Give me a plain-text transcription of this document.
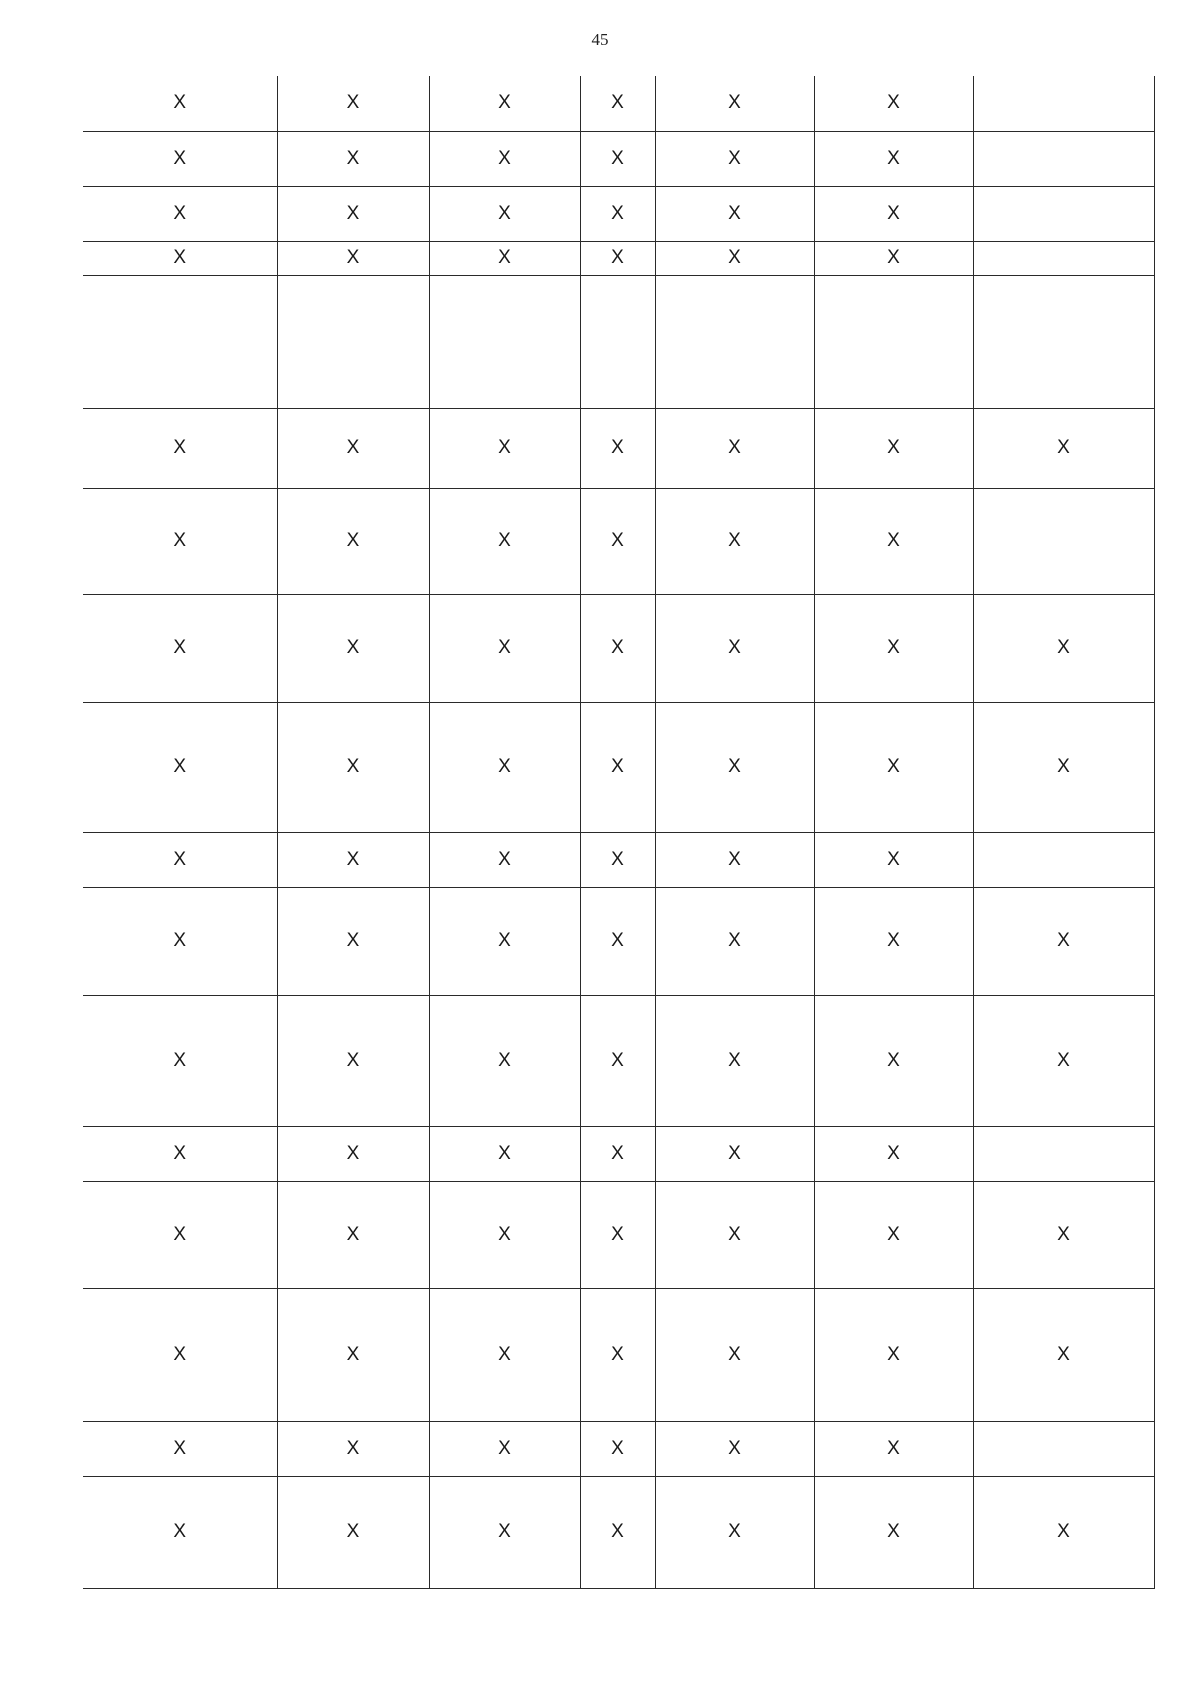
45
X	X	X	X	X	X	
X	X	X	X	X	X	
X	X	X	X	X	X	
X	X	X	X	X	X	

X	X	X	X	X	X	X
X	X	X	X	X	X	
X	X	X	X	X	X	X
X	X	X	X	X	X	X
X	X	X	X	X	X	
X	X	X	X	X	X	X
X	X	X	X	X	X	X
X	X	X	X	X	X	
X	X	X	X	X	X	X
X	X	X	X	X	X	X
X	X	X	X	X	X	
X	X	X	X	X	X	X
